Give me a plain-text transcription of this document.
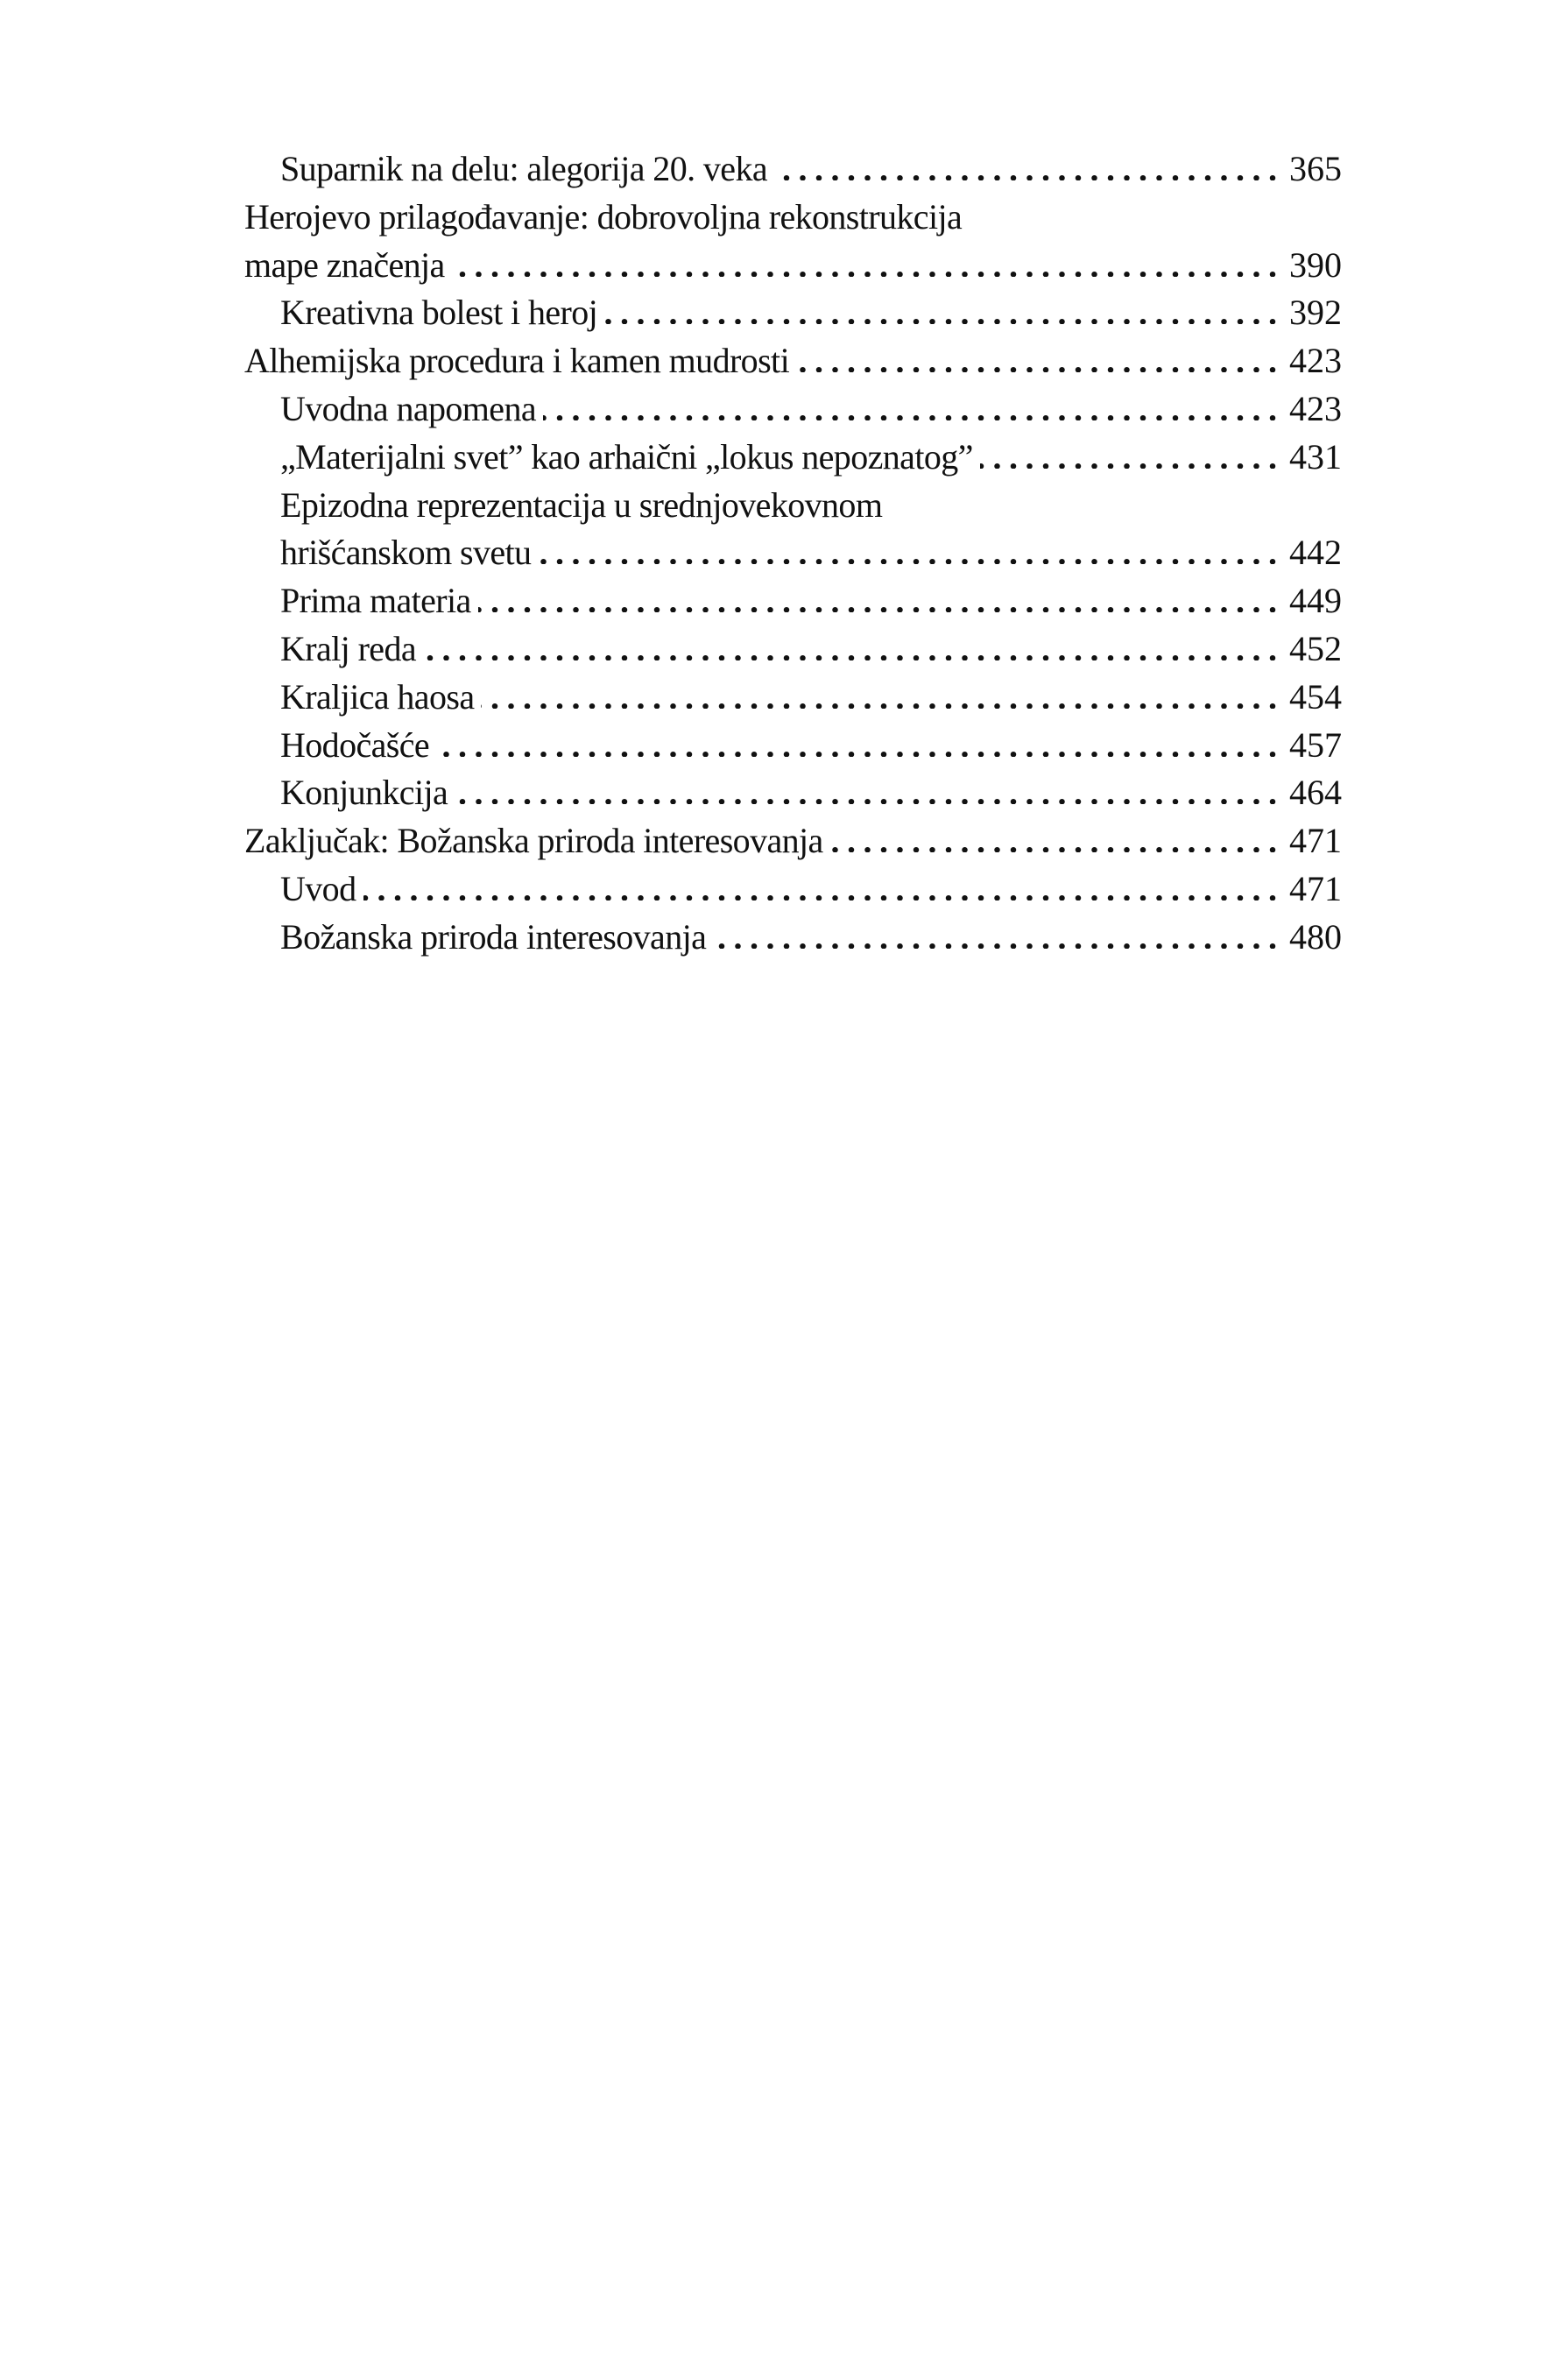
Suparnik na delu: alegorija 20. veka . . .	365
Herojevo prilagođavanje: dobrovoljna rekonstrukcija
mape značenja . . .	390
Kreativna bolest i heroj . . .	392
Alhemijska procedura i kamen mudrosti . . .	423
Uvodna napomena . . .	423
„Materijalni svet” kao arhaični „lokus nepoznatog” . . .	431
Epizodna reprezentacija u srednjovekovnom
hrišćanskom svetu . . .	442
Prima materia . . .	449
Kralj reda . . .	452
Kraljica haosa . . .	454
Hodočašće . . .	457
Konjunkcija . . .	464
Zaključak: Božanska priroda interesovanja . . .	471
Uvod . . .	471
Božanska priroda interesovanja . . .	480
